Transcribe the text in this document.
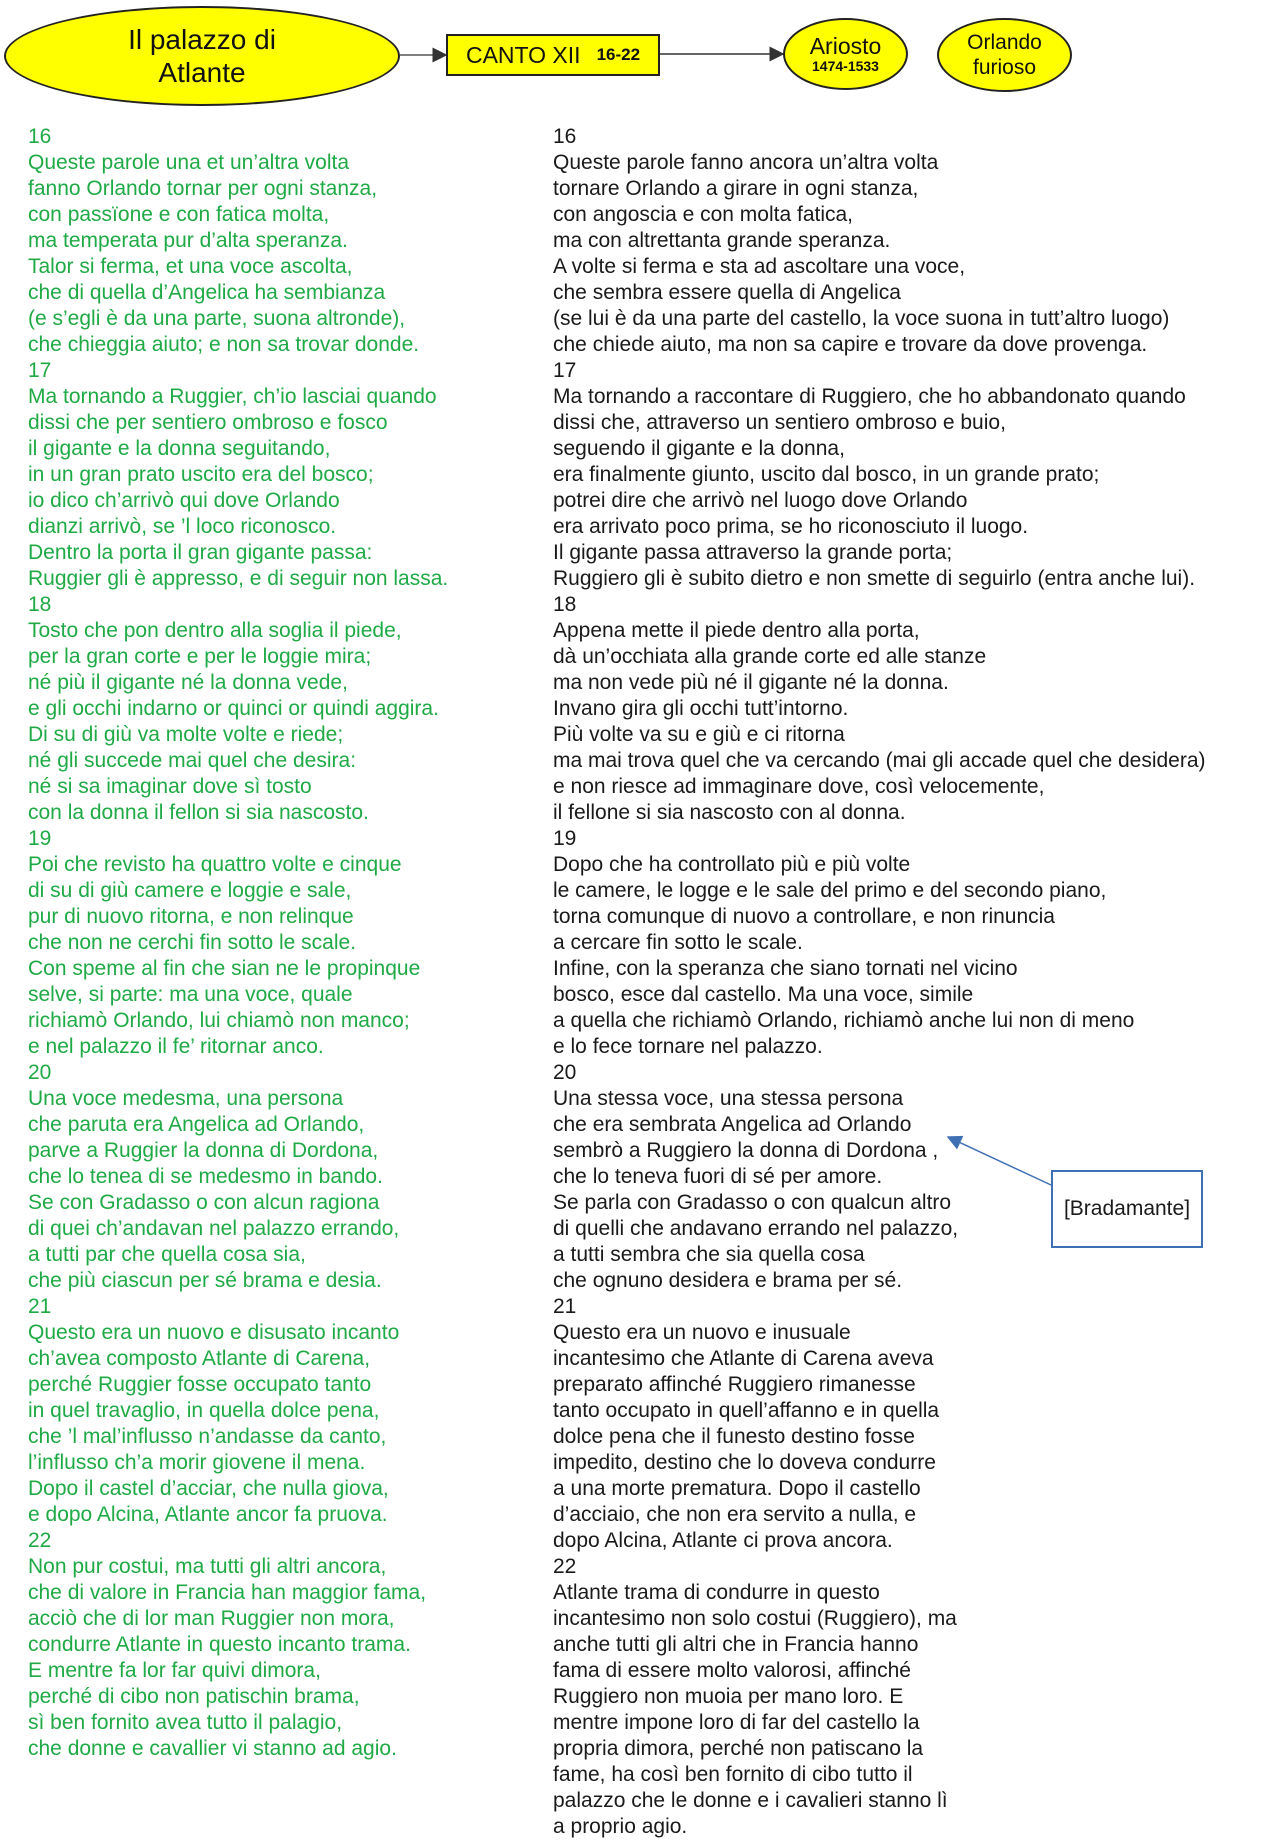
Il palazzo di
Atlante
CANTO XII 16-22	Ariosto
1474-1533
Orlando
furioso
16
Queste parole una et un’altra volta
fanno Orlando tornar per ogni stanza,
con passïone e con fatica molta,
ma temperata pur d’alta speranza.
Talor si ferma, et una voce ascolta,
che di quella d’Angelica ha sembianza
(e s’egli è da una parte, suona altronde),
che chieggia aiuto; e non sa trovar donde.
17
Ma tornando a Ruggier, ch’io lasciai quando
dissi che per sentiero ombroso e fosco
il gigante e la donna seguitando,
in un gran prato uscito era del bosco;
io dico ch’arrivò qui dove Orlando
dianzi arrivò, se ’l loco riconosco.
Dentro la porta il gran gigante passa:
Ruggier gli è appresso, e di seguir non lassa.
18
Tosto che pon dentro alla soglia il piede,
per la gran corte e per le loggie mira;
né più il gigante né la donna vede,
e gli occhi indarno or quinci or quindi aggira.
Di su di giù va molte volte e riede;
né gli succede mai quel che desira:
né si sa imaginar dove sì tosto
con la donna il fellon si sia nascosto.
19
Poi che revisto ha quattro volte e cinque
di su di giù camere e loggie e sale,
pur di nuovo ritorna, e non relinque
che non ne cerchi fin sotto le scale.
Con speme al fin che sian ne le propinque
selve, si parte: ma una voce, quale
richiamò Orlando, lui chiamò non manco;
e nel palazzo il fe’ ritornar anco.
20
Una voce medesma, una persona
che paruta era Angelica ad Orlando,
parve a Ruggier la donna di Dordona,
che lo tenea di se medesmo in bando.
Se con Gradasso o con alcun ragiona
di quei ch’andavan nel palazzo errando,
a tutti par che quella cosa sia,
che più ciascun per sé brama e desia.
21
Questo era un nuovo e disusato incanto
ch’avea composto Atlante di Carena,
perché Ruggier fosse occupato tanto
in quel travaglio, in quella dolce pena,
che ’l mal’influsso n’andasse da canto,
l’influsso ch’a morir giovene il mena.
Dopo il castel d’acciar, che nulla giova,
e dopo Alcina, Atlante ancor fa pruova.
22
Non pur costui, ma tutti gli altri ancora,
che di valore in Francia han maggior fama,
acciò che di lor man Ruggier non mora,
condurre Atlante in questo incanto trama.
E mentre fa lor far quivi dimora,
perché di cibo non patischin brama,
sì ben fornito avea tutto il palagio,
che donne e cavallier vi stanno ad agio.
16
Queste parole fanno ancora un’altra volta
tornare Orlando a girare in ogni stanza,
con angoscia e con molta fatica,
ma con altrettanta grande speranza.
A volte si ferma e sta ad ascoltare una voce,
che sembra essere quella di Angelica
(se lui è da una parte del castello, la voce suona in tutt’altro luogo)
che chiede aiuto, ma non sa capire e trovare da dove provenga.
17
Ma tornando a raccontare di Ruggiero, che ho abbandonato quando
dissi che, attraverso un sentiero ombroso e buio,
seguendo il gigante e la donna,
era finalmente giunto, uscito dal bosco, in un grande prato;
potrei dire che arrivò nel luogo dove Orlando
era arrivato poco prima, se ho riconosciuto il luogo.
Il gigante passa attraverso la grande porta;
Ruggiero gli è subito dietro e non smette di seguirlo (entra anche lui).
18
Appena mette il piede dentro alla porta,
dà un’occhiata alla grande corte ed alle stanze
ma non vede più né il gigante né la donna.
Invano gira gli occhi tutt’intorno.
Più volte va su e giù e ci ritorna
ma mai trova quel che va cercando (mai gli accade quel che desidera)
e non riesce ad immaginare dove, così velocemente,
il fellone si sia nascosto con al donna.
19
Dopo che ha controllato più e più volte
le camere, le logge e le sale del primo e del secondo piano,
torna comunque di nuovo a controllare, e non rinuncia
a cercare fin sotto le scale.
Infine, con la speranza che siano tornati nel vicino
bosco, esce dal castello. Ma una voce, simile
a quella che richiamò Orlando, richiamò anche lui non di meno
e lo fece tornare nel palazzo.
20
Una stessa voce, una stessa persona
che era sembrata Angelica ad Orlando
sembrò a Ruggiero la donna di Dordona ,
che lo teneva fuori di sé per amore.
Se parla con Gradasso o con qualcun altro
di quelli che andavano errando nel palazzo,
a tutti sembra che sia quella cosa
che ognuno desidera e brama per sé.
21
Questo era un nuovo e inusuale
incantesimo che Atlante di Carena aveva
preparato affinché Ruggiero rimanesse
tanto occupato in quell’affanno e in quella
dolce pena che il funesto destino fosse
impedito, destino che lo doveva condurre
a una morte prematura. Dopo il castello
d’acciaio, che non era servito a nulla, e
dopo Alcina, Atlante ci prova ancora.
22
Atlante trama di condurre in questo
incantesimo non solo costui (Ruggiero), ma
anche tutti gli altri che in Francia hanno
fama di essere molto valorosi, affinché
Ruggiero non muoia per mano loro. E
mentre impone loro di far del castello la
propria dimora, perché non patiscano la
fame, ha così ben fornito di cibo tutto il
palazzo che le donne e i cavalieri stanno lì
a proprio agio.
[Bradamante]
